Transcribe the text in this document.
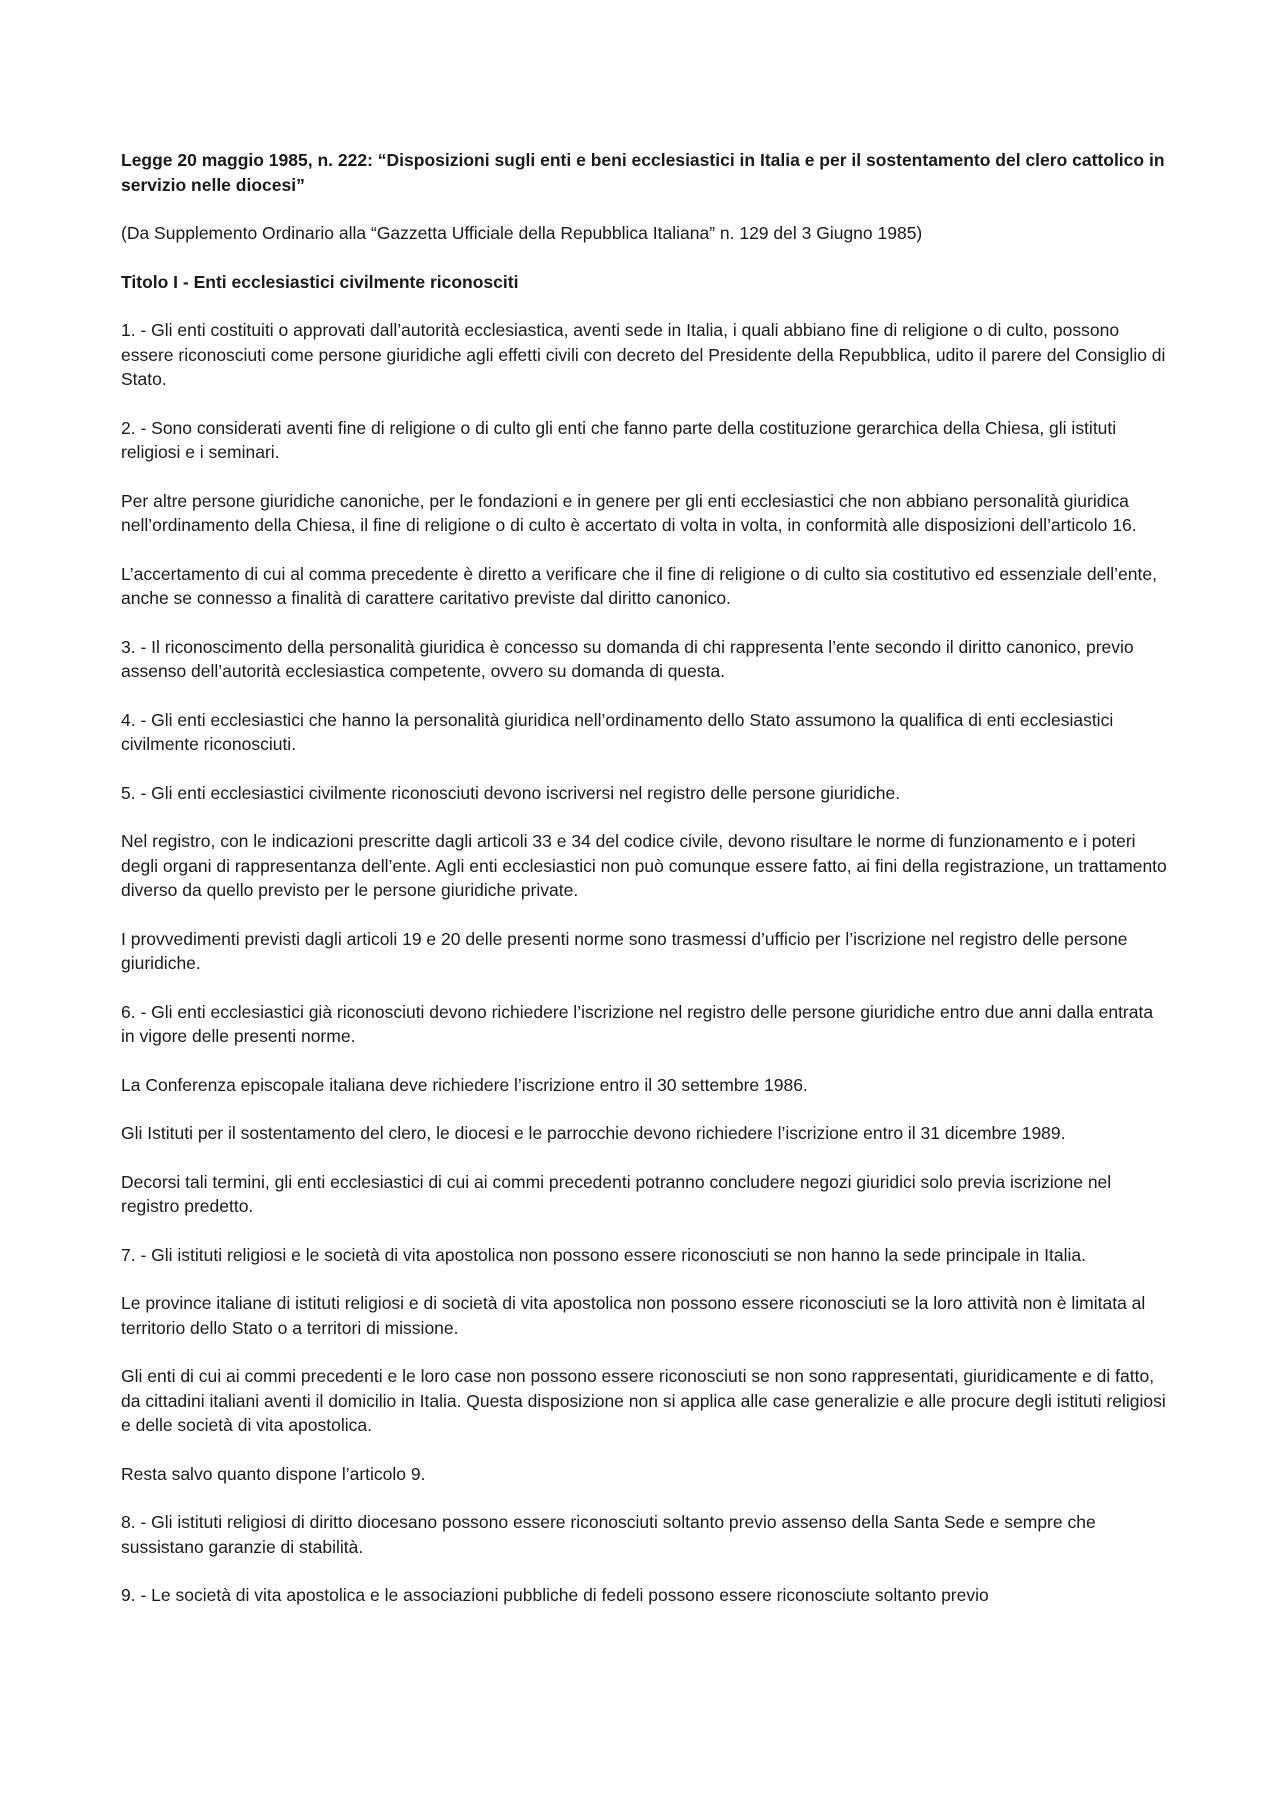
Legge 20 maggio 1985, n. 222: “Disposizioni sugli enti e beni ecclesiastici in Italia e per il sostentamento del clero cattolico in servizio nelle diocesi”

(Da Supplemento Ordinario alla “Gazzetta Ufficiale della Repubblica Italiana” n. 129 del 3 Giugno 1985)

Titolo I - Enti ecclesiastici civilmente riconosciti

1. - Gli enti costituiti o approvati dall’autorità ecclesiastica, aventi sede in Italia, i quali abbiano fine di religione o di culto, possono essere riconosciuti come persone giuridiche agli effetti civili con decreto del Presidente della Repubblica, udito il parere del Consiglio di Stato.

2. - Sono considerati aventi fine di religione o di culto gli enti che fanno parte della costituzione gerarchica della Chiesa, gli istituti religiosi e i seminari.

Per altre persone giuridiche canoniche, per le fondazioni e in genere per gli enti ecclesiastici che non abbiano personalità giuridica nell’ordinamento della Chiesa, il fine di religione o di culto è accertato di volta in volta, in conformità alle disposizioni dell’articolo 16.

L’accertamento di cui al comma precedente è diretto a verificare che il fine di religione o di culto sia costitutivo ed essenziale dell’ente, anche se connesso a finalità di carattere caritativo previste dal diritto canonico.

3. - Il riconoscimento della personalità giuridica è concesso su domanda di chi rappresenta l’ente secondo il diritto canonico, previo assenso dell’autorità ecclesiastica competente, ovvero su domanda di questa.

4. - Gli enti ecclesiastici che hanno la personalità giuridica nell’ordinamento dello Stato assumono la qualifica di enti ecclesiastici civilmente riconosciuti.

5. - Gli enti ecclesiastici civilmente riconosciuti devono iscriversi nel registro delle persone giuridiche.

Nel registro, con le indicazioni prescritte dagli articoli 33 e 34 del codice civile, devono risultare le norme di funzionamento e i poteri degli organi di rappresentanza dell’ente. Agli enti ecclesiastici non può comunque essere fatto, ai fini della registrazione, un trattamento diverso da quello previsto per le persone giuridiche private.

I provvedimenti previsti dagli articoli 19 e 20 delle presenti norme sono trasmessi d’ufficio per l’iscrizione nel registro delle persone giuridiche.

6. - Gli enti ecclesiastici già riconosciuti devono richiedere l’iscrizione nel registro delle persone giuridiche entro due anni dalla entrata in vigore delle presenti norme.

La Conferenza episcopale italiana deve richiedere l’iscrizione entro il 30 settembre 1986.

Gli Istituti per il sostentamento del clero, le diocesi e le parrocchie devono richiedere l’iscrizione entro il 31 dicembre 1989.

Decorsi tali termini, gli enti ecclesiastici di cui ai commi precedenti potranno concludere negozi giuridici solo previa iscrizione nel registro predetto.

7. - Gli istituti religiosi e le società di vita apostolica non possono essere riconosciuti se non hanno la sede principale in Italia.

Le province italiane di istituti religiosi e di società di vita apostolica non possono essere riconosciuti se la loro attività non è limitata al territorio dello Stato o a territori di missione.

Gli enti di cui ai commi precedenti e le loro case non possono essere riconosciuti se non sono rappresentati, giuridicamente e di fatto, da cittadini italiani aventi il domicilio in Italia. Questa disposizione non si applica alle case generalizie e alle procure degli istituti religiosi e delle società di vita apostolica.

Resta salvo quanto dispone l’articolo 9.

8. - Gli istituti religiosi di diritto diocesano possono essere riconosciuti soltanto previo assenso della Santa Sede e sempre che sussistano garanzie di stabilità.

9. - Le società di vita apostolica e le associazioni pubbliche di fedeli possono essere riconosciute soltanto previo
